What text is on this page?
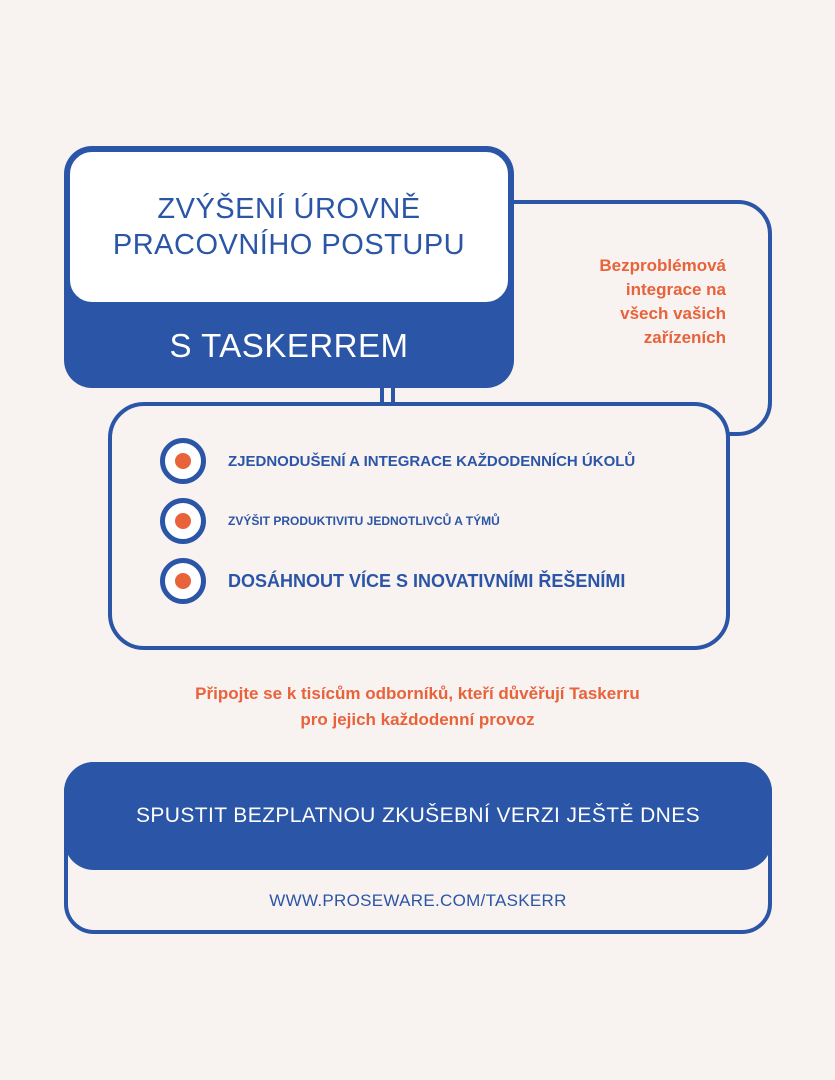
Bezproblémová
integrace na
všech vašich
zařízeních
ZVÝŠENÍ ÚROVNĚ
PRACOVNÍHO POSTUPU
S TASKERREM
ZJEDNODUŠENÍ A INTEGRACE KAŽDODENNÍCH ÚKOLŮ
ZVÝŠIT PRODUKTIVITU JEDNOTLIVCŮ A TÝMŮ
DOSÁHNOUT VÍCE S INOVATIVNÍMI ŘEŠENÍMI
Připojte se k tisícům odborníků, kteří důvěřují Taskerru
pro jejich každodenní provoz
SPUSTIT BEZPLATNOU ZKUŠEBNÍ VERZI JEŠTĚ DNES
WWW.PROSEWARE.COM/TASKERR
